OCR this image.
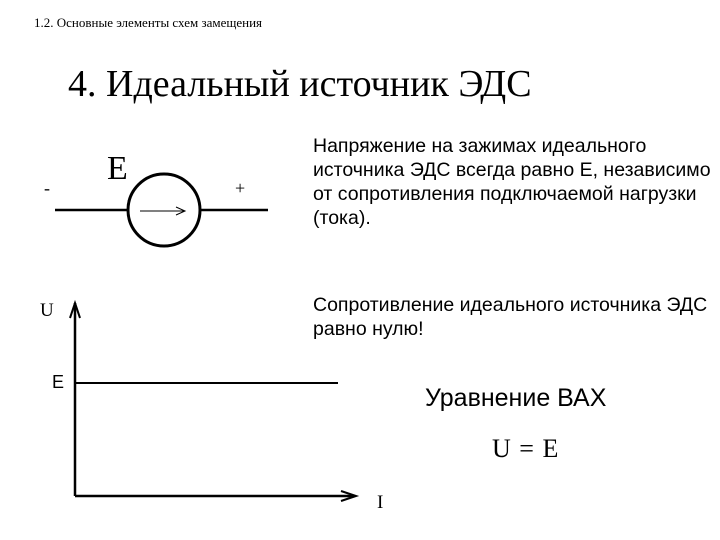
1.2. Основные элементы схем замещения
4. Идеальный источник ЭДС
E
-	+
Напряжение на зажимах идеального источника ЭДС всегда равно Е, независимо от сопротивления подключаемой нагрузки (тока).
Сопротивление идеального источника ЭДС равно нулю!
U
E
I
Уравнение ВАХ
U = E
